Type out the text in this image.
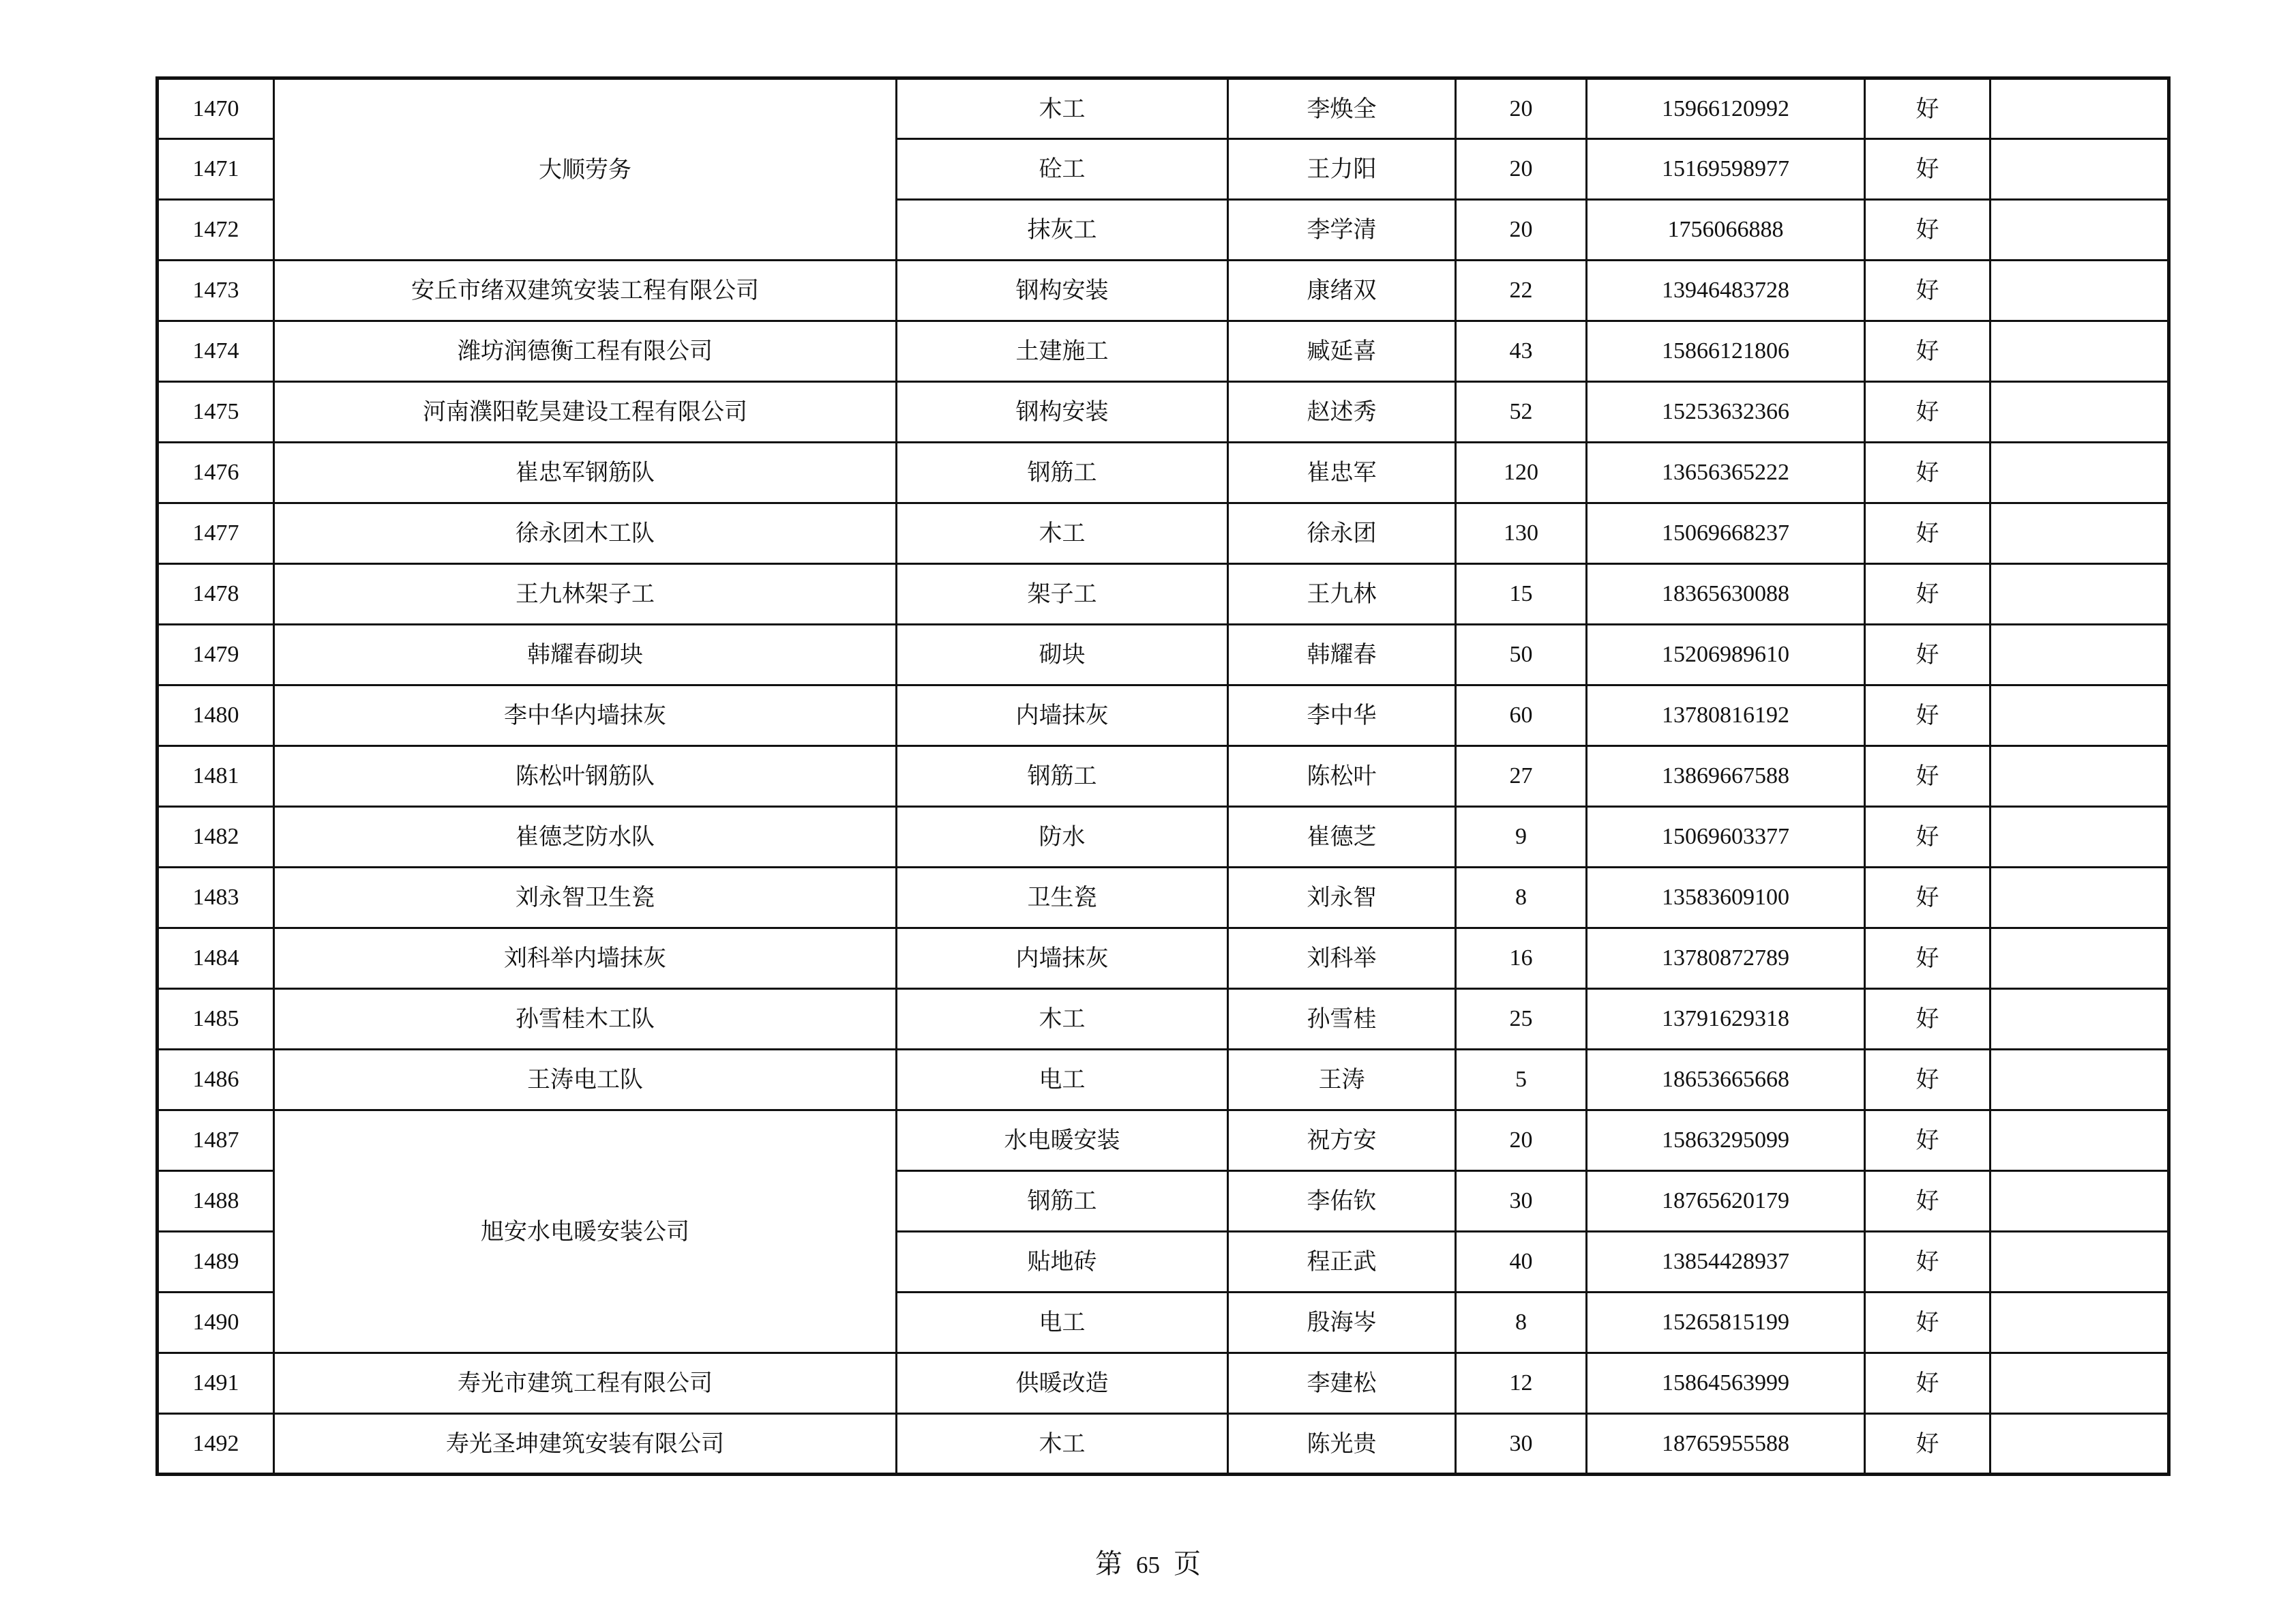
1470	大顺劳务	木工	李焕全	20	15966120992	好	
1471		砼工	王力阳	20	15169598977	好	
1472		抹灰工	李学清	20	1756066888	好	
1473	安丘市绪双建筑安装工程有限公司	钢构安装	康绪双	22	13946483728	好	
1474	潍坊润德衡工程有限公司	土建施工	臧延喜	43	15866121806	好	
1475	河南濮阳乾昊建设工程有限公司	钢构安装	赵述秀	52	15253632366	好	
1476	崔忠军钢筋队	钢筋工	崔忠军	120	13656365222	好	
1477	徐永团木工队	木工	徐永团	130	15069668237	好	
1478	王九林架子工	架子工	王九林	15	18365630088	好	
1479	韩耀春砌块	砌块	韩耀春	50	15206989610	好	
1480	李中华内墙抹灰	内墙抹灰	李中华	60	13780816192	好	
1481	陈松叶钢筋队	钢筋工	陈松叶	27	13869667588	好	
1482	崔德芝防水队	防水	崔德芝	9	15069603377	好	
1483	刘永智卫生瓷	卫生瓷	刘永智	8	13583609100	好	
1484	刘科举内墙抹灰	内墙抹灰	刘科举	16	13780872789	好	
1485	孙雪桂木工队	木工	孙雪桂	25	13791629318	好	
1486	王涛电工队	电工	王涛	5	18653665668	好	
1487	旭安水电暖安装公司	水电暖安装	祝方安	20	15863295099	好	
1488		钢筋工	李佑钦	30	18765620179	好	
1489		贴地砖	程正武	40	13854428937	好	
1490		电工	殷海岑	8	15265815199	好	
1491	寿光市建筑工程有限公司	供暖改造	李建松	12	15864563999	好	
1492	寿光圣坤建筑安装有限公司	木工	陈光贵	30	18765955588	好	
第 65 页
